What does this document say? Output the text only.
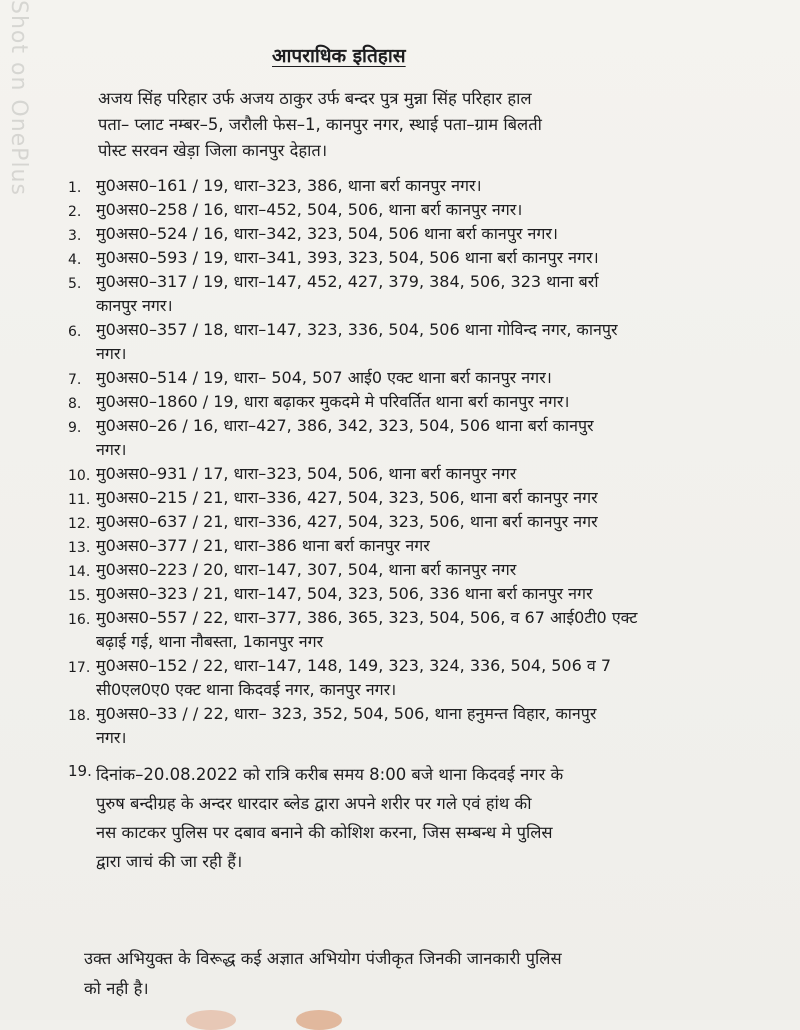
Shot on OnePlus	आपराधिक इतिहास
अजय सिंह परिहार उर्फ अजय ठाकुर उर्फ बन्दर पुत्र मुन्ना सिंह परिहार हाल
पता– प्लाट नम्बर–5, जरौली फेस–1, कानपुर नगर, स्थाई पता–ग्राम बिलती
पोस्ट सरवन खेड़ा जिला कानपुर देहात।
1. मु0अस0–161 / 19, धारा–323, 386, थाना बर्रा कानपुर नगर।
2. मु0अस0–258 / 16, धारा–452, 504, 506, थाना बर्रा कानपुर नगर।
3. मु0अस0–524 / 16, धारा–342, 323, 504, 506 थाना बर्रा कानपुर नगर।
4. मु0अस0–593 / 19, धारा–341, 393, 323, 504, 506 थाना बर्रा कानपुर नगर।
5. मु0अस0–317 / 19, धारा–147, 452, 427, 379, 384, 506, 323 थाना बर्रा
कानपुर नगर।
6. मु0अस0–357 / 18, धारा–147, 323, 336, 504, 506 थाना गोविन्द नगर, कानपुर
नगर।
7. मु0अस0–514 / 19, धारा– 504, 507 आई0 एक्ट थाना बर्रा कानपुर नगर।
8. मु0अस0–1860 / 19, धारा बढ़ाकर मुकदमे मे परिवर्तित थाना बर्रा कानपुर नगर।
9. मु0अस0–26 / 16, धारा–427, 386, 342, 323, 504, 506 थाना बर्रा कानपुर
नगर।
10. मु0अस0–931 / 17, धारा–323, 504, 506, थाना बर्रा कानपुर नगर
11. मु0अस0–215 / 21, धारा–336, 427, 504, 323, 506, थाना बर्रा कानपुर नगर
12. मु0अस0–637 / 21, धारा–336, 427, 504, 323, 506, थाना बर्रा कानपुर नगर
13. मु0अस0–377 / 21, धारा–386 थाना बर्रा कानपुर नगर
14. मु0अस0–223 / 20, धारा–147, 307, 504, थाना बर्रा कानपुर नगर
15. मु0अस0–323 / 21, धारा–147, 504, 323, 506, 336 थाना बर्रा कानपुर नगर
16. मु0अस0–557 / 22, धारा–377, 386, 365, 323, 504, 506, व 67 आई0टी0 एक्ट
बढ़ाई गई, थाना नौबस्ता, 1कानपुर नगर
17. मु0अस0–152 / 22, धारा–147, 148, 149, 323, 324, 336, 504, 506 व 7
सी0एल0ए0 एक्ट थाना किदवई नगर, कानपुर नगर।
18. मु0अस0–33 / / 22, धारा– 323, 352, 504, 506, थाना हनुमन्त विहार, कानपुर
नगर।
19. दिनांक–20.08.2022 को रात्रि करीब समय 8:00 बजे थाना किदवई नगर के
पुरुष बन्दीग्रह के अन्दर धारदार ब्लेड द्वारा अपने शरीर पर गले एवं हांथ की
नस काटकर पुलिस पर दबाव बनाने की कोशिश करना, जिस सम्बन्ध मे पुलिस
द्वारा जाचं की जा रही हैं।
उक्त अभियुक्त के विरूद्ध कई अज्ञात अभियोग पंजीकृत जिनकी जानकारी पुलिस
को नही है।
